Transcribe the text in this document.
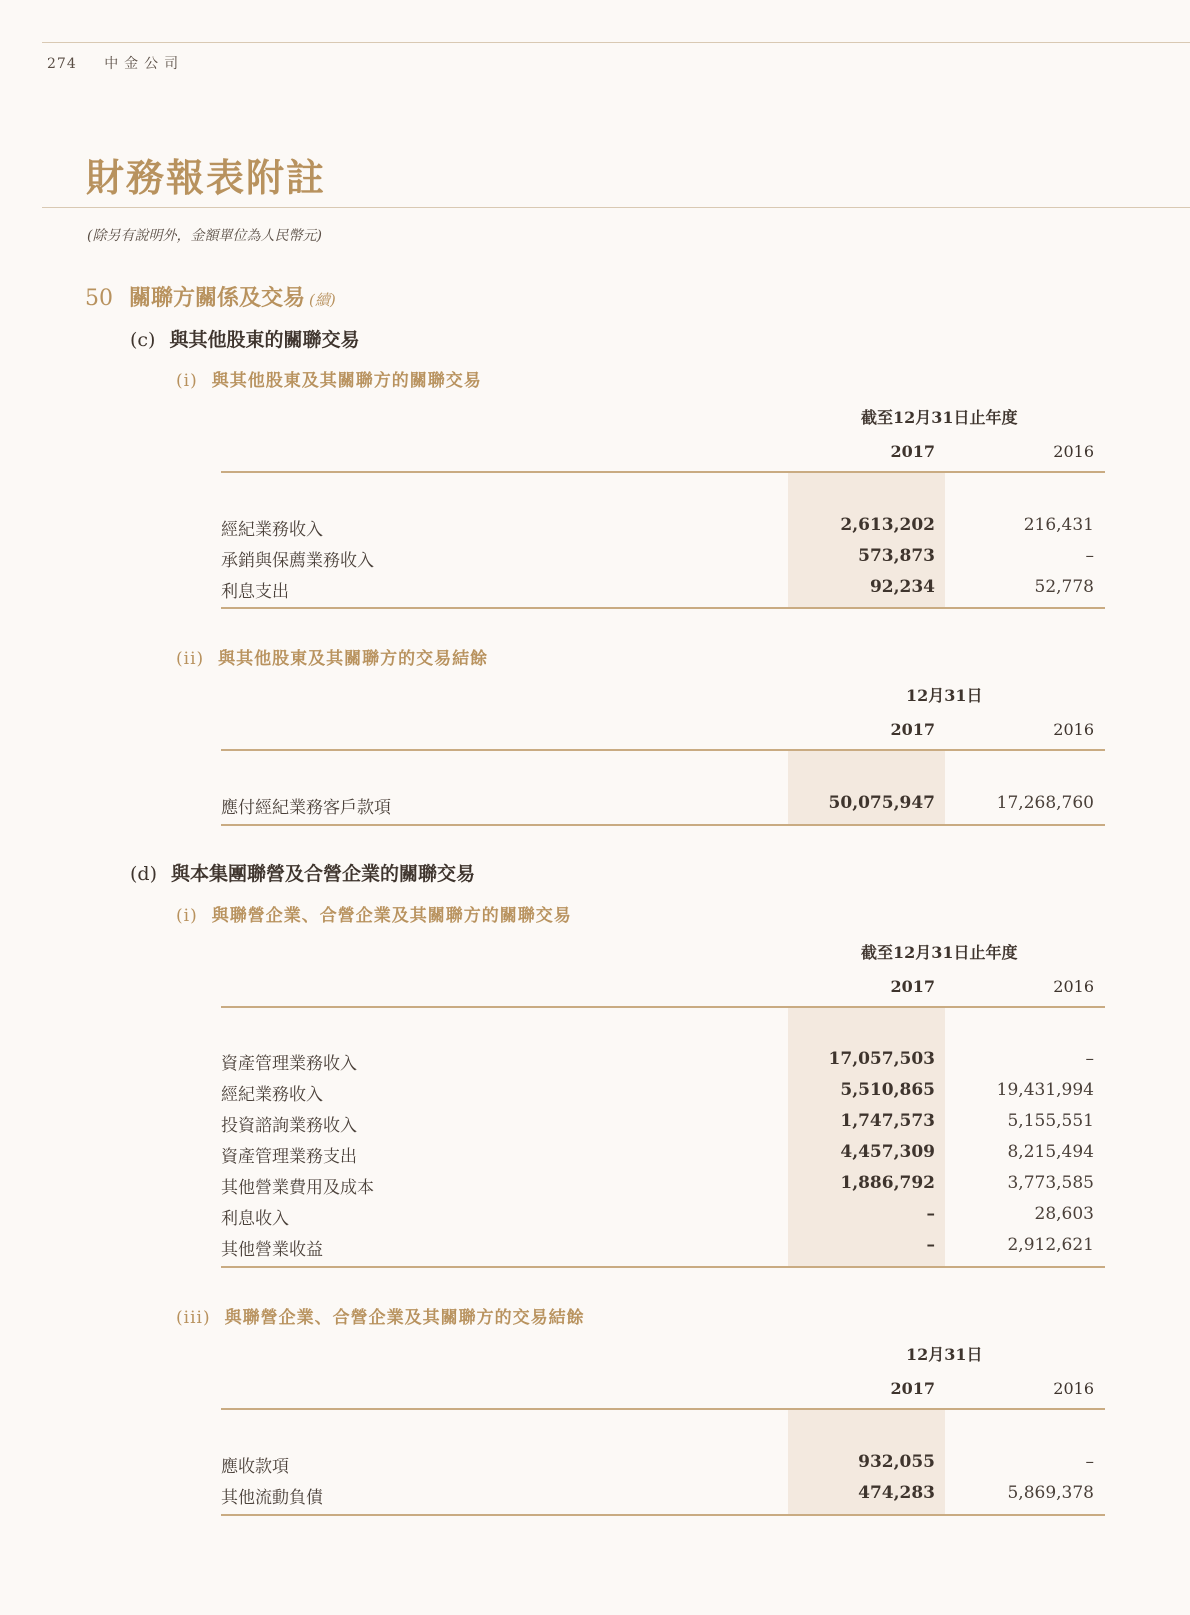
274 中金公司
財務報表附註
(除另有說明外，金額單位為人民幣元)
50 關聯方關係及交易 (續)
(c) 與其他股東的關聯交易
(i) 與其他股東及其關聯方的關聯交易
截至12月31日止年度
2017	2016
經紀業務收入	2,613,202	216,431
承銷與保薦業務收入	573,873	–
利息支出	92,234	52,778
(ii) 與其他股東及其關聯方的交易結餘
12月31日
2017	2016
應付經紀業務客戶款項	50,075,947	17,268,760
(d) 與本集團聯營及合營企業的關聯交易
(i) 與聯營企業、合營企業及其關聯方的關聯交易
截至12月31日止年度
2017	2016
資產管理業務收入	17,057,503	–
經紀業務收入	5,510,865	19,431,994
投資諮詢業務收入	1,747,573	5,155,551
資產管理業務支出	4,457,309	8,215,494
其他營業費用及成本	1,886,792	3,773,585
利息收入	–	28,603
其他營業收益	–	2,912,621
(iii) 與聯營企業、合營企業及其關聯方的交易結餘
12月31日
2017	2016
應收款項	932,055	–
其他流動負債	474,283	5,869,378
